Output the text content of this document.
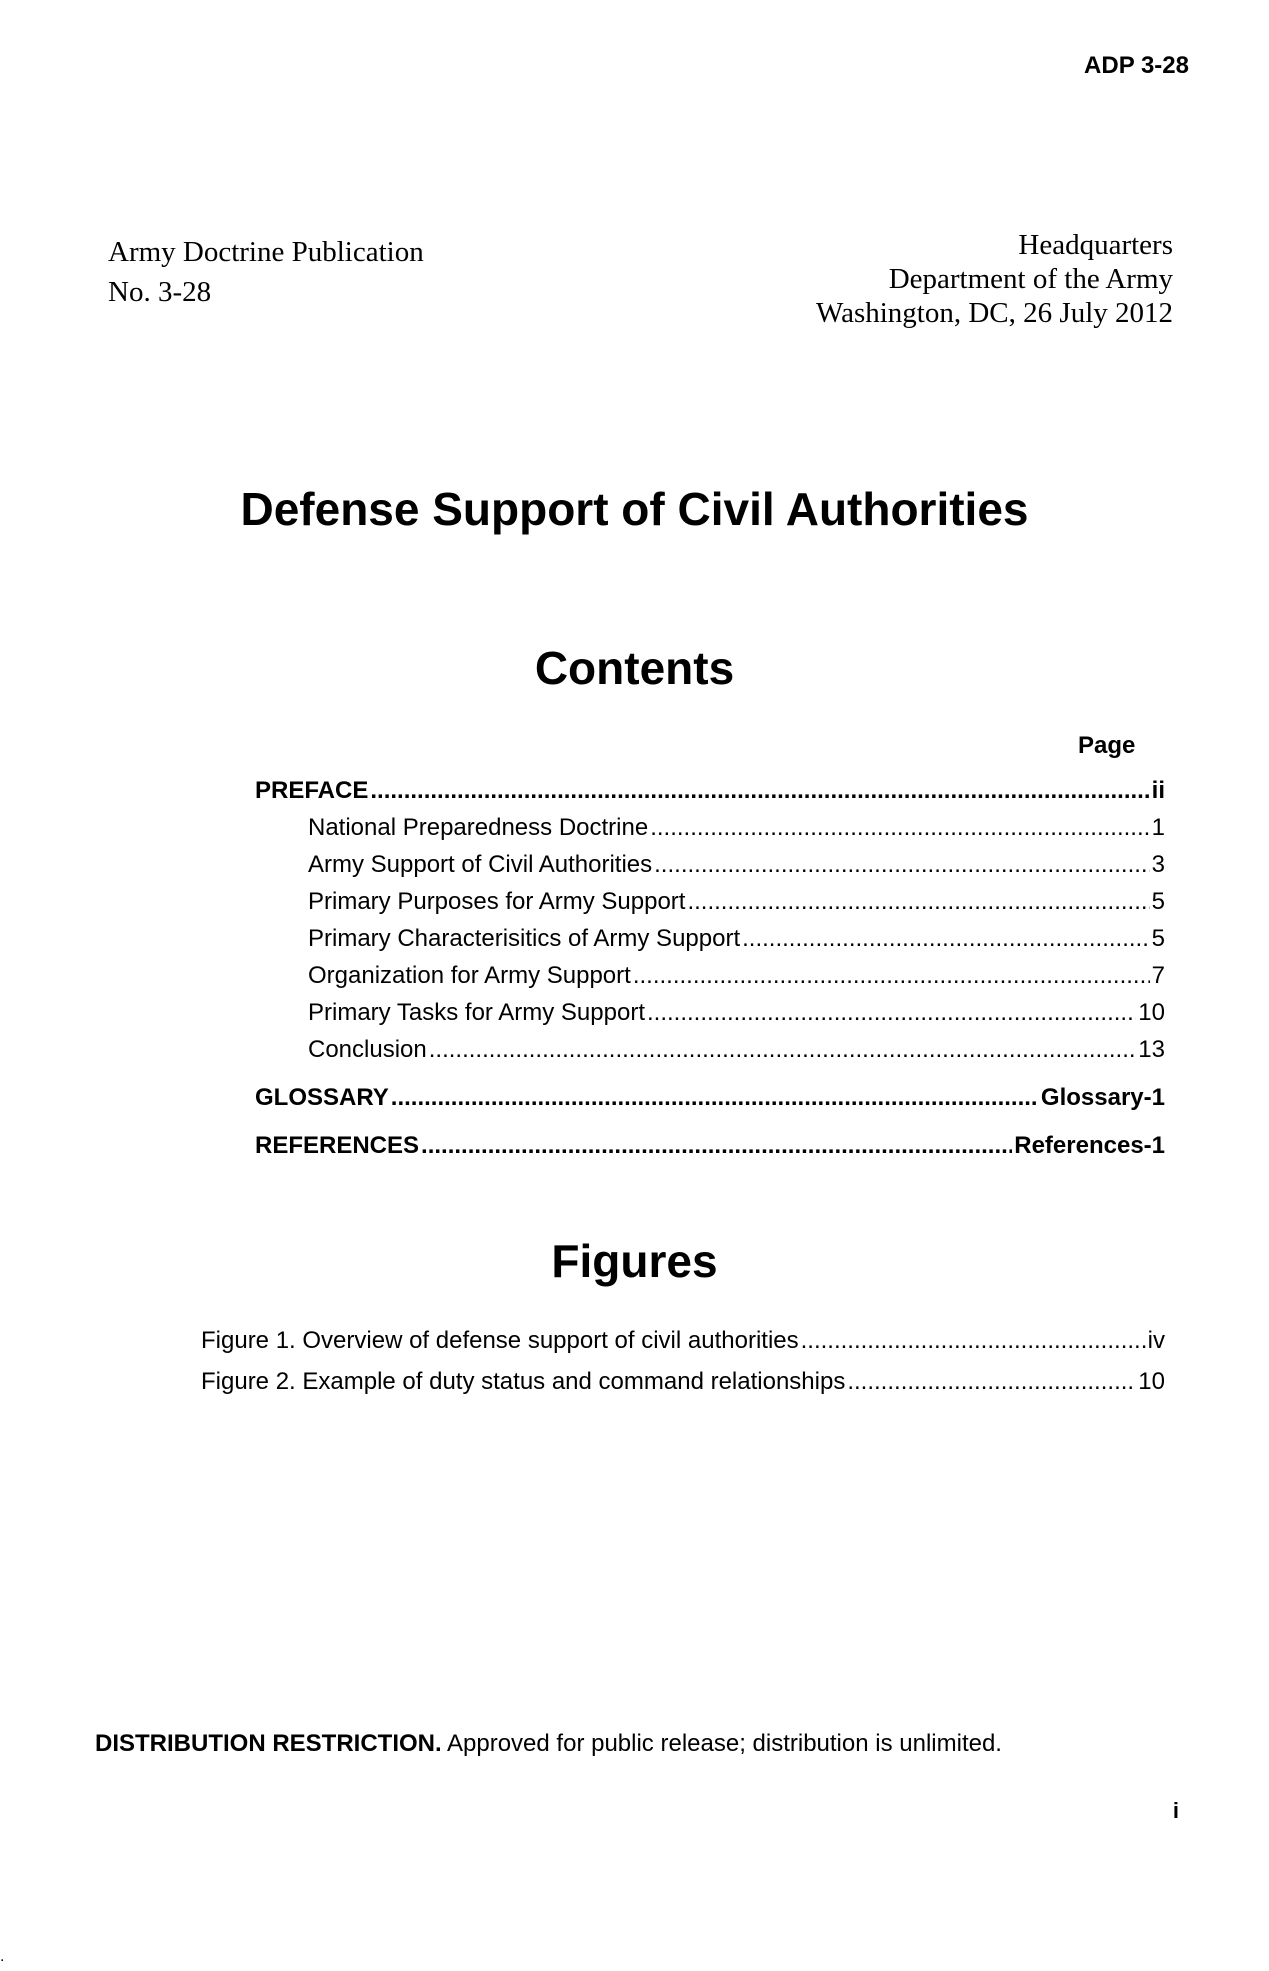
ADP 3-28
Army Doctrine Publication
No. 3-28
Headquarters
Department of the Army
Washington, DC, 26 July 2012
Defense Support of Civil Authorities
Contents
Page
PREFACE .....	ii
National Preparedness Doctrine .....	1
Army Support of Civil Authorities .....	3
Primary Purposes for Army Support .....	5
Primary Characterisitics of Army Support .....	5
Organization for Army Support .....	7
Primary Tasks for Army Support .....	10
Conclusion .....	13
GLOSSARY .....	Glossary-1
REFERENCES .....	References-1
Figures
Figure 1. Overview of defense support of civil authorities .....	iv
Figure 2. Example of duty status and command relationships .....	10
DISTRIBUTION RESTRICTION. Approved for public release; distribution is unlimited.
i
.
